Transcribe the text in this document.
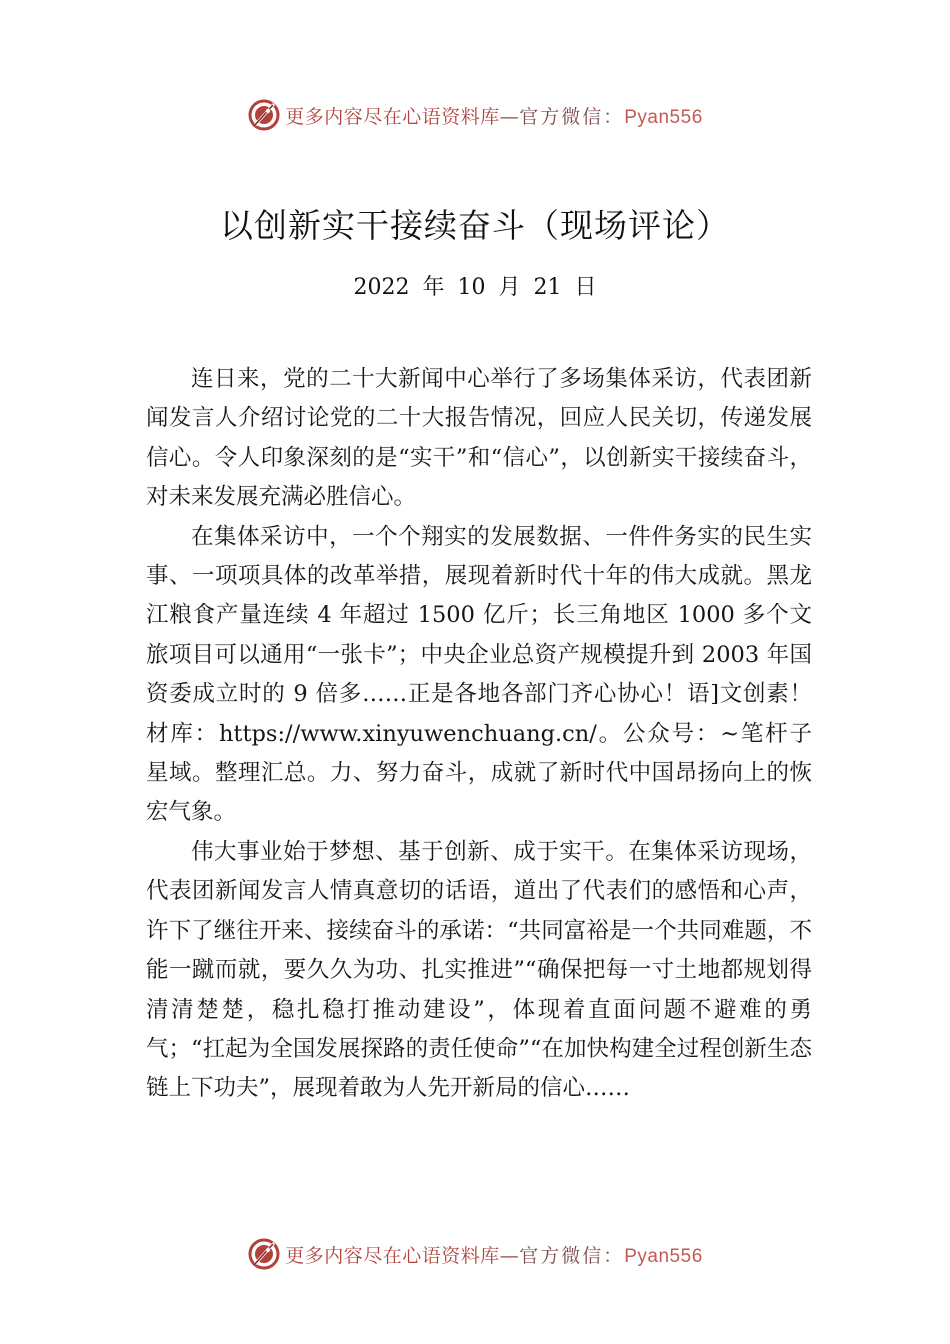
更多内容尽在心语资料库—官方微信：Pyan556
以创新实干接续奋斗（现场评论）
2022 年 10 月 21 日

连日来，党的二十大新闻中心举行了多场集体采访，代表团新闻发言人介绍讨论党的二十大报告情况，回应人民关切，传递发展信心。令人印象深刻的是“实干”和“信心”，以创新实干接续奋斗，对未来发展充满必胜信心。

在集体采访中，一个个翔实的发展数据、一件件务实的民生实事、一项项具体的改革举措，展现着新时代十年的伟大成就。黑龙江粮食产量连续 4 年超过 1500 亿斤；长三角地区 1000 多个文旅项目可以通用“一张卡”；中央企业总资产规模提升到 2003 年国资委成立时的 9 倍多……正是各地各部门齐心协心！语]文创素！材库：https://www.xinyuwenchuang.cn/。公众号：~笔杆子星域。整理汇总。力、努力奋斗，成就了新时代中国昂扬向上的恢宏气象。

伟大事业始于梦想、基于创新、成于实干。在集体采访现场，代表团新闻发言人情真意切的话语，道出了代表们的感悟和心声，许下了继往开来、接续奋斗的承诺：“共同富裕是一个共同难题，不能一蹴而就，要久久为功、扎实推进”“确保把每一寸土地都规划得清清楚楚，稳扎稳打推动建设”，体现着直面问题不避难的勇气；“扛起为全国发展探路的责任使命”“在加快构建全过程创新生态链上下功夫”，展现着敢为人先开新局的信心……

更多内容尽在心语资料库—官方微信：Pyan556
